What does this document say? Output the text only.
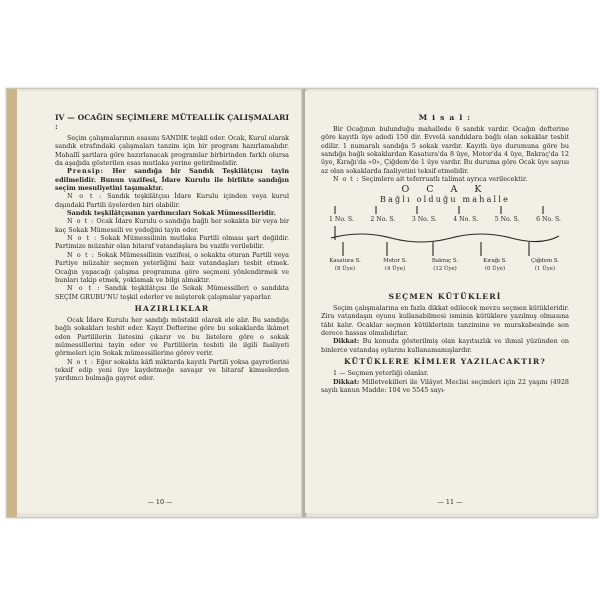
IV — OCAĞIN SEÇİMLERE MÜTEALLİK ÇALIŞMALARI :

Seçim çalışmalarının esasını SANDIK teşkil eder. Ocak, Kurul olarak sandık etrafındaki çalışmaları tanzim için bir program hazırlamalıdır. Mahallî şartlara göre hazırlanacak programlar birbirinden farklı olursa da aşağıda gösterilen esas mutlaka yerine getirilmelidir.

Prensip: Her sandığa bir Sandık Teşkilâtçısı tayin edilmelidir. Bunun vazifesi, İdare Kurulu ile birlikte sandığın seçim mesuliyetini taşımaktır.

N o t : Sandık teşkilâtçısı İdare Kurulu içinden veya kurul dışındaki Partili üyelerden biri olabilir.

Sandık teşkilâtçısının yardımcıları Sokak Mümessilleridir.

N o t : Ocak İdare Kurulu o sandığa bağlı her sokakta bir veya bir kaç Sokak Mümessili ve yedeğini tayin eder.

N o t : Sokak Mümessilinin mutlaka Partili olması şart değildir. Partimize müzahir olan bitaraf vatandaşlara bu vazife verilebilir.

N o t : Sokak Mümessilinin vazifesi, o sokakta oturan Partili veya Partiye müzahir seçmen yeterliğini haiz vatandaşları tesbit etmek. Ocağın yapacağı çalışma programına göre seçmeni yönlendirmek ve bunları takip etmek, yoklamak ve bilgi almaktır.

N o t : Sandık teşkilâtçısı ile Sokak Mümessilleri o sandıkta SEÇİM GRUBU'NU teşkil ederler ve müşterek çalışmalar yaparlar.

HAZIRLIKLAR

Ocak İdare Kurulu her sandığı müstakil olarak ele alır. Bu sandığa bağlı sokakları tesbit eder. Kayıt Defterine göre bu sokaklarda ikâmet eden Partililerin listesini çıkarır ve bu listelere göre o sokak mümessillerini tayin eder ve Partililerin tesbiti ile ilgili faaliyeti görmeleri için Sokak mümessillerine görev verir.

N o t : Eğer sokakta kâfi miktarda kayıtlı Partili yoksa gayretlerini teksif edip yeni üye kaydetmeğe savaşır ve bitaraf kimselerden yardımcı bulmağa gayret eder.

— 10 —

M i s a l :

Bir Ocağının bulunduğu mahallede 6 sandık vardır. Ocağın defterine göre kayıtlı üye adedi 150 dir. Evvelâ sandıklara bağlı olan sokaklar tesbit edilir. 1 numaralı sandığa 5 sokak vardır. Kayıtlı üye durumuna göre bu sandığa bağlı sokaklardan Kasatura'da 8 üye, Motor'da 4 üye, Bakraç'da 12 üye, Kırağı'da «0», Çiğdem'de 1 üye vardır. Bu duruma göre Ocak üye sayısı az olan sokaklarda faaliyetini teksif etmelidir.

N o t : Seçimlere ait teferruatlı talimat ayrıca verilecektir.

O C A K
Bağlı olduğu mahalle
1 No. S.	2 No. S.	3 No. S.	4 No. S.	5 No. S.	6 No. S.
Kasatura S.
(8 Üye)
Motor S.
(4 Üye)
Bakraç S.
(12 Üye)
Kırağı S.
(0 Üye)
Çiğdem S.
(1 Üye)

SEÇMEN KÜTÜKLERİ

Seçim çalışmalarına en fazla dikkat edilecek mevzu seçmen kütükleridir. Zira vatandaşın oyunu kullanabilmesi isminin kütüklere yazılmış olmasına tâbi kalır. Ocaklar seçmen kütüklerinin tanzimine ve murakabesinde son derece hassas olmalıdırlar.

Dikkat: Bu konuda gösterilmiş olan kayıtsızlık ve ihmal yüzünden on binlerce vatandaş oylarını kullanamamışlardır.

KÜTÜKLERE KİMLER YAZILACAKTIR?

1 — Seçmen yeterliği olanlar.

Dikkat: Milletvekilleri ile Vilâyet Meclisi seçimleri için 22 yaşını (4928 sayılı kanun Madde: 104 ve 5545 sayı-

— 11 —
